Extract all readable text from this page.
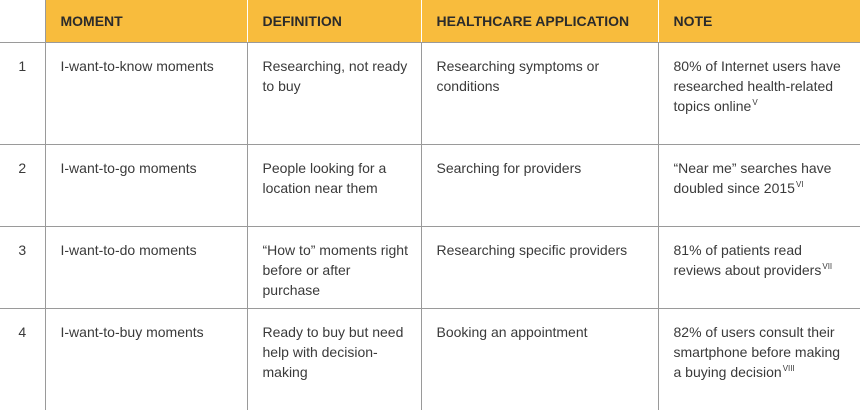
	MOMENT	DEFINITION	HEALTHCARE APPLICATION	NOTE
1	I-want-to-know moments	Researching, not ready to buy	Researching symptoms or conditions	80% of Internet users have researched health-related topics online$^V$
2	I-want-to-go moments	People looking for a location near them	Searching for providers	“Near me” searches have doubled since 2015$^{VI}$
3	I-want-to-do moments	“How to” moments right before or after purchase	Researching specific providers	81% of patients read reviews about providers$^{VII}$
4	I-want-to-buy moments	Ready to buy but need help with decision-making	Booking an appointment	82% of users consult their smartphone before making a buying decision$^{VIII}$
